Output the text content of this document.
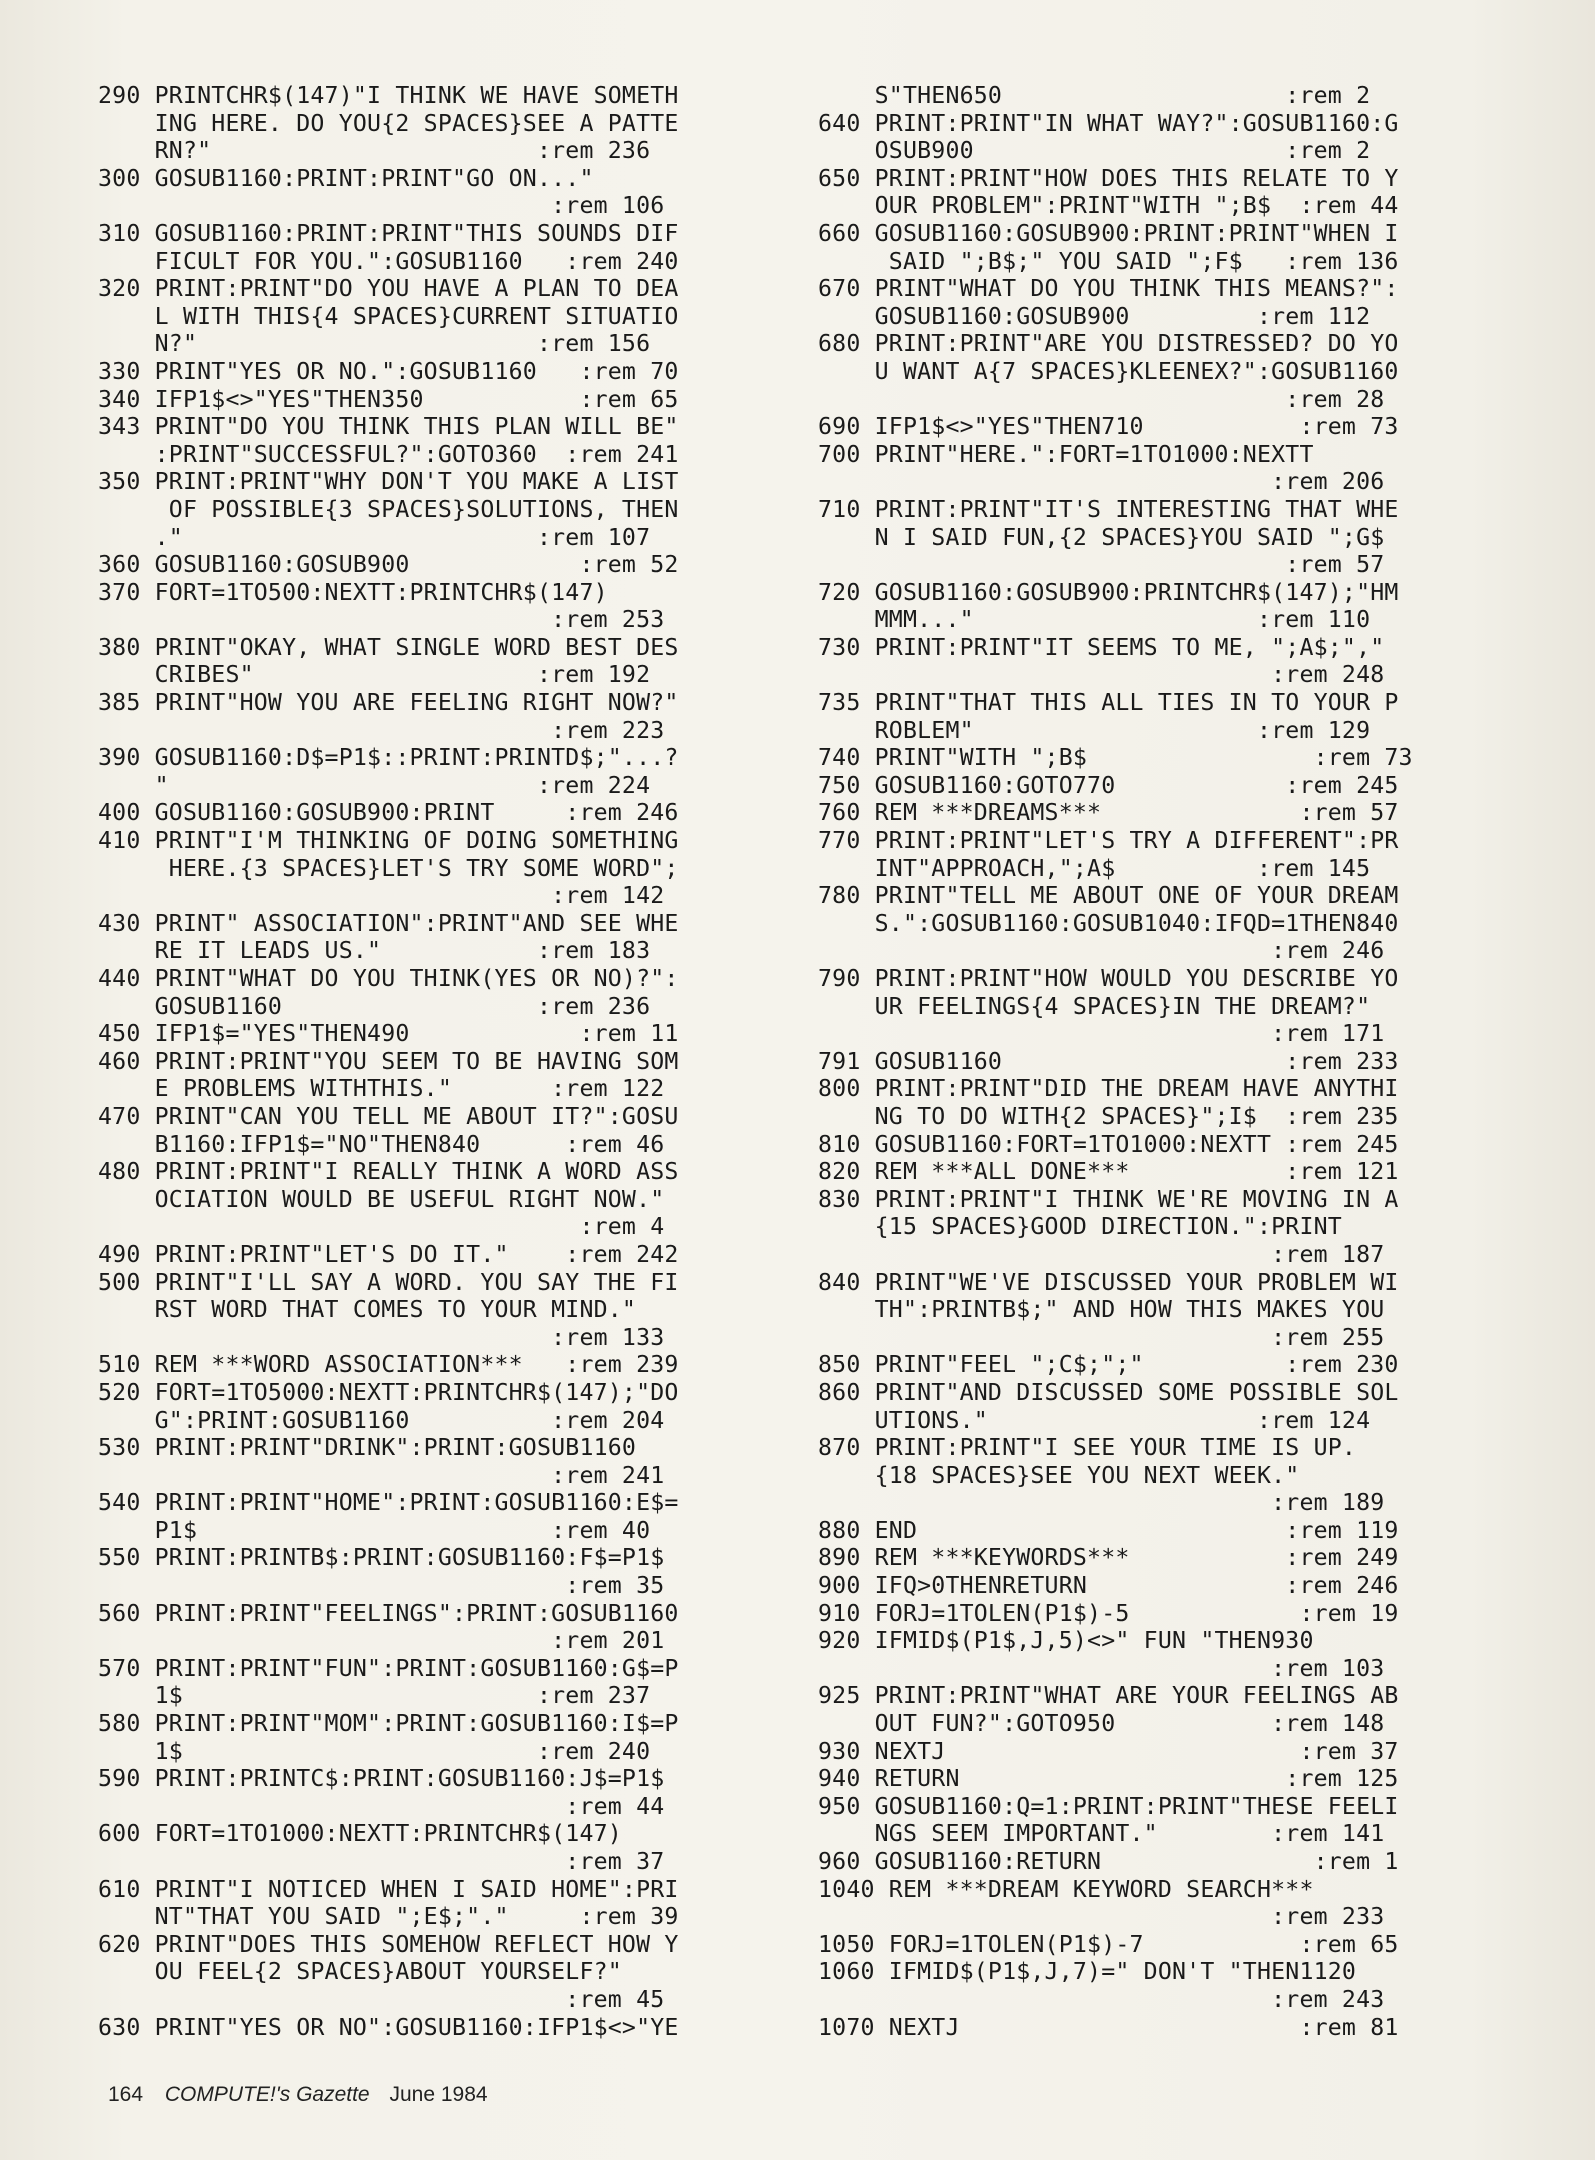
290 PRINTCHR$(147)"I THINK WE HAVE SOMETH
ING HERE. DO YOU{2 SPACES}SEE A PATTE
RN?"                       :rem 236
300 GOSUB1160:PRINT:PRINT"GO ON..."
:rem 106
310 GOSUB1160:PRINT:PRINT"THIS SOUNDS DIF
FICULT FOR YOU.":GOSUB1160   :rem 240
320 PRINT:PRINT"DO YOU HAVE A PLAN TO DEA
L WITH THIS{4 SPACES}CURRENT SITUATIO
N?"                        :rem 156
330 PRINT"YES OR NO.":GOSUB1160   :rem 70
340 IFP1$<>"YES"THEN350           :rem 65
343 PRINT"DO YOU THINK THIS PLAN WILL BE"
:PRINT"SUCCESSFUL?":GOTO360  :rem 241
350 PRINT:PRINT"WHY DON'T YOU MAKE A LIST
OF POSSIBLE{3 SPACES}SOLUTIONS, THEN
."                         :rem 107
360 GOSUB1160:GOSUB900            :rem 52
370 FORT=1TO500:NEXTT:PRINTCHR$(147)
:rem 253
380 PRINT"OKAY, WHAT SINGLE WORD BEST DES
CRIBES"                    :rem 192
385 PRINT"HOW YOU ARE FEELING RIGHT NOW?"
:rem 223
390 GOSUB1160:D$=P1$::PRINT:PRINTD$;"...?
"                          :rem 224
400 GOSUB1160:GOSUB900:PRINT     :rem 246
410 PRINT"I'M THINKING OF DOING SOMETHING
HERE.{3 SPACES}LET'S TRY SOME WORD";
:rem 142
430 PRINT" ASSOCIATION":PRINT"AND SEE WHE
RE IT LEADS US."           :rem 183
440 PRINT"WHAT DO YOU THINK(YES OR NO)?":
GOSUB1160                  :rem 236
450 IFP1$="YES"THEN490            :rem 11
460 PRINT:PRINT"YOU SEEM TO BE HAVING SOM
E PROBLEMS WITHTHIS."       :rem 122
470 PRINT"CAN YOU TELL ME ABOUT IT?":GOSU
B1160:IFP1$="NO"THEN840      :rem 46
480 PRINT:PRINT"I REALLY THINK A WORD ASS
OCIATION WOULD BE USEFUL RIGHT NOW."
:rem 4
490 PRINT:PRINT"LET'S DO IT."    :rem 242
500 PRINT"I'LL SAY A WORD. YOU SAY THE FI
RST WORD THAT COMES TO YOUR MIND."
:rem 133
510 REM ***WORD ASSOCIATION***   :rem 239
520 FORT=1TO5000:NEXTT:PRINTCHR$(147);"DO
G":PRINT:GOSUB1160          :rem 204
530 PRINT:PRINT"DRINK":PRINT:GOSUB1160
:rem 241
540 PRINT:PRINT"HOME":PRINT:GOSUB1160:E$=
P1$                         :rem 40
550 PRINT:PRINTB$:PRINT:GOSUB1160:F$=P1$
:rem 35
560 PRINT:PRINT"FEELINGS":PRINT:GOSUB1160
:rem 201
570 PRINT:PRINT"FUN":PRINT:GOSUB1160:G$=P
1$                         :rem 237
580 PRINT:PRINT"MOM":PRINT:GOSUB1160:I$=P
1$                         :rem 240
590 PRINT:PRINTC$:PRINT:GOSUB1160:J$=P1$
:rem 44
600 FORT=1TO1000:NEXTT:PRINTCHR$(147)
:rem 37
610 PRINT"I NOTICED WHEN I SAID HOME":PRI
NT"THAT YOU SAID ";E$;"."     :rem 39
620 PRINT"DOES THIS SOMEHOW REFLECT HOW Y
OU FEEL{2 SPACES}ABOUT YOURSELF?"
:rem 45
630 PRINT"YES OR NO":GOSUB1160:IFP1$<>"YE
S"THEN650                    :rem 2
640 PRINT:PRINT"IN WHAT WAY?":GOSUB1160:G
OSUB900                      :rem 2
650 PRINT:PRINT"HOW DOES THIS RELATE TO Y
OUR PROBLEM":PRINT"WITH ";B$  :rem 44
660 GOSUB1160:GOSUB900:PRINT:PRINT"WHEN I
SAID ";B$;" YOU SAID ";F$   :rem 136
670 PRINT"WHAT DO YOU THINK THIS MEANS?":
GOSUB1160:GOSUB900         :rem 112
680 PRINT:PRINT"ARE YOU DISTRESSED? DO YO
U WANT A{7 SPACES}KLEENEX?":GOSUB1160
:rem 28
690 IFP1$<>"YES"THEN710           :rem 73
700 PRINT"HERE.":FORT=1TO1000:NEXTT
:rem 206
710 PRINT:PRINT"IT'S INTERESTING THAT WHE
N I SAID FUN,{2 SPACES}YOU SAID ";G$
:rem 57
720 GOSUB1160:GOSUB900:PRINTCHR$(147);"HM
MMM..."                    :rem 110
730 PRINT:PRINT"IT SEEMS TO ME, ";A$;","
:rem 248
735 PRINT"THAT THIS ALL TIES IN TO YOUR P
ROBLEM"                    :rem 129
740 PRINT"WITH ";B$                :rem 73
750 GOSUB1160:GOTO770            :rem 245
760 REM ***DREAMS***              :rem 57
770 PRINT:PRINT"LET'S TRY A DIFFERENT":PR
INT"APPROACH,";A$          :rem 145
780 PRINT"TELL ME ABOUT ONE OF YOUR DREAM
S.":GOSUB1160:GOSUB1040:IFQD=1THEN840
:rem 246
790 PRINT:PRINT"HOW WOULD YOU DESCRIBE YO
UR FEELINGS{4 SPACES}IN THE DREAM?"
:rem 171
791 GOSUB1160                    :rem 233
800 PRINT:PRINT"DID THE DREAM HAVE ANYTHI
NG TO DO WITH{2 SPACES}";I$  :rem 235
810 GOSUB1160:FORT=1TO1000:NEXTT :rem 245
820 REM ***ALL DONE***           :rem 121
830 PRINT:PRINT"I THINK WE'RE MOVING IN A
{15 SPACES}GOOD DIRECTION.":PRINT
:rem 187
840 PRINT"WE'VE DISCUSSED YOUR PROBLEM WI
TH":PRINTB$;" AND HOW THIS MAKES YOU
:rem 255
850 PRINT"FEEL ";C$;";"          :rem 230
860 PRINT"AND DISCUSSED SOME POSSIBLE SOL
UTIONS."                   :rem 124
870 PRINT:PRINT"I SEE YOUR TIME IS UP.
{18 SPACES}SEE YOU NEXT WEEK."
:rem 189
880 END                          :rem 119
890 REM ***KEYWORDS***           :rem 249
900 IFQ>0THENRETURN              :rem 246
910 FORJ=1TOLEN(P1$)-5            :rem 19
920 IFMID$(P1$,J,5)<>" FUN "THEN930
:rem 103
925 PRINT:PRINT"WHAT ARE YOUR FEELINGS AB
OUT FUN?":GOTO950           :rem 148
930 NEXTJ                         :rem 37
940 RETURN                       :rem 125
950 GOSUB1160:Q=1:PRINT:PRINT"THESE FEELI
NGS SEEM IMPORTANT."        :rem 141
960 GOSUB1160:RETURN               :rem 1
1040 REM ***DREAM KEYWORD SEARCH***
:rem 233
1050 FORJ=1TOLEN(P1$)-7           :rem 65
1060 IFMID$(P1$,J,7)=" DON'T "THEN1120
:rem 243
1070 NEXTJ                        :rem 81
164 COMPUTE!'s Gazette June 1984
